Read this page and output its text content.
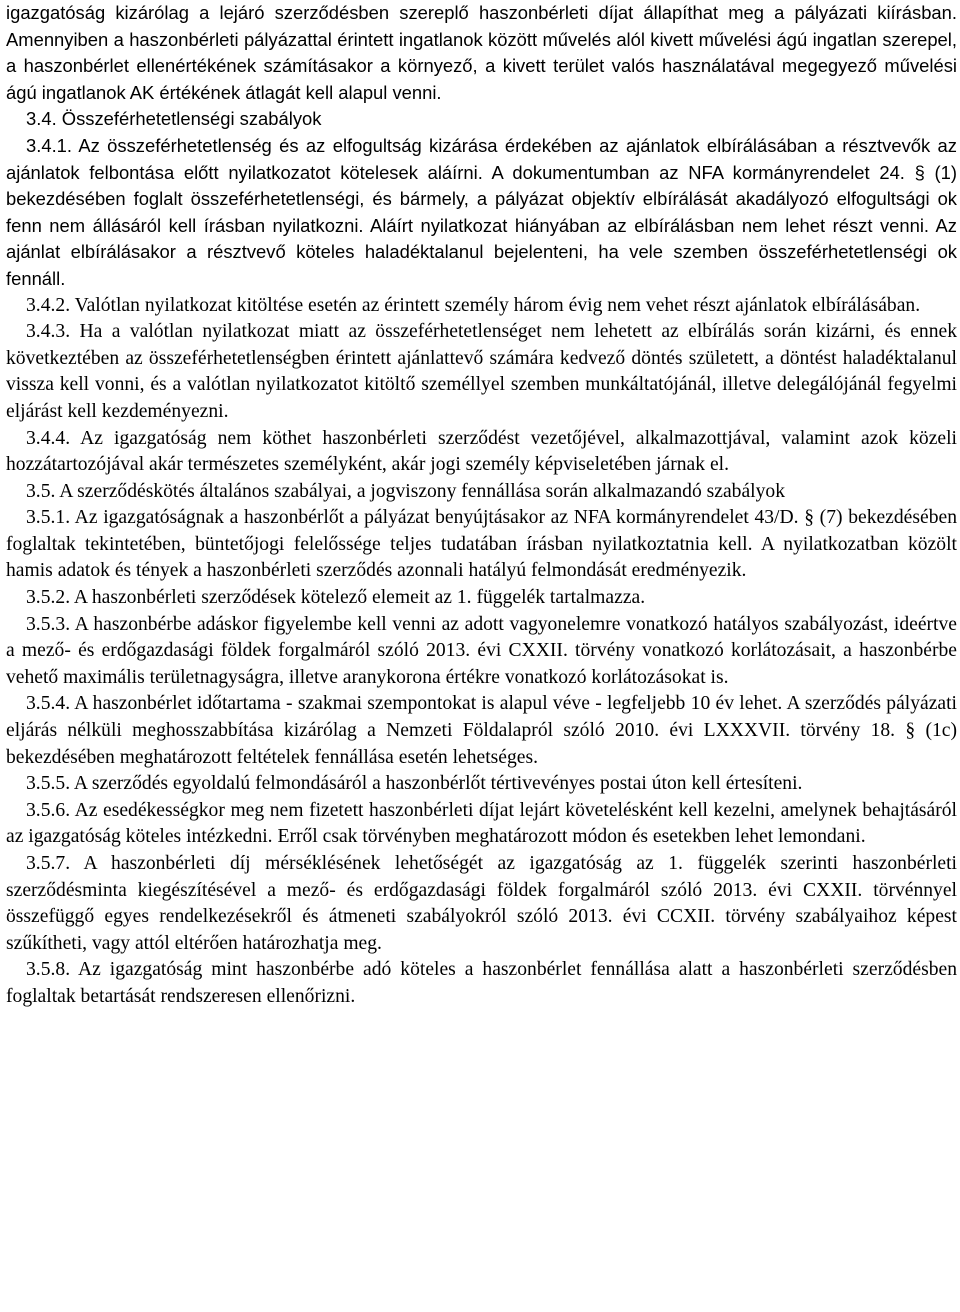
igazgatóság kizárólag a lejáró szerződésben szereplő haszonbérleti díjat állapíthat meg a pályázati kiírásban. Amennyiben a haszonbérleti pályázattal érintett ingatlanok között művelés alól kivett művelési ágú ingatlan szerepel, a haszonbérlet ellenértékének számításakor a környező, a kivett terület valós használatával megegyező művelési ágú ingatlanok AK értékének átlagát kell alapul venni.

3.4. Összeférhetetlenségi szabályok

3.4.1. Az összeférhetetlenség és az elfogultság kizárása érdekében az ajánlatok elbírálásában a résztvevők az ajánlatok felbontása előtt nyilatkozatot kötelesek aláírni. A dokumentumban az NFA kormányrendelet 24. § (1) bekezdésében foglalt összeférhetetlenségi, és bármely, a pályázat objektív elbírálását akadályozó elfogultsági ok fenn nem állásáról kell írásban nyilatkozni. Aláírt nyilatkozat hiányában az elbírálásban nem lehet részt venni. Az ajánlat elbírálásakor a résztvevő köteles haladéktalanul bejelenteni, ha vele szemben összeférhetetlenségi ok fennáll.

3.4.2. Valótlan nyilatkozat kitöltése esetén az érintett személy három évig nem vehet részt ajánlatok elbírálásában.

3.4.3. Ha a valótlan nyilatkozat miatt az összeférhetetlenséget nem lehetett az elbírálás során kizárni, és ennek következtében az összeférhetetlenségben érintett ajánlattevő számára kedvező döntés született, a döntést haladéktalanul vissza kell vonni, és a valótlan nyilatkozatot kitöltő személlyel szemben munkáltatójánál, illetve delegálójánál fegyelmi eljárást kell kezdeményezni.

3.4.4. Az igazgatóság nem köthet haszonbérleti szerződést vezetőjével, alkalmazottjával, valamint azok közeli hozzátartozójával akár természetes személyként, akár jogi személy képviseletében járnak el.

3.5. A szerződéskötés általános szabályai, a jogviszony fennállása során alkalmazandó szabályok

3.5.1. Az igazgatóságnak a haszonbérlőt a pályázat benyújtásakor az NFA kormányrendelet 43/D. § (7) bekezdésében foglaltak tekintetében, büntetőjogi felelőssége teljes tudatában írásban nyilatkoztatnia kell. A nyilatkozatban közölt hamis adatok és tények a haszonbérleti szerződés azonnali hatályú felmondását eredményezik.

3.5.2. A haszonbérleti szerződések kötelező elemeit az 1. függelék tartalmazza.

3.5.3. A haszonbérbe adáskor figyelembe kell venni az adott vagyonelemre vonatkozó hatályos szabályozást, ideértve a mező- és erdőgazdasági földek forgalmáról szóló 2013. évi CXXII. törvény vonatkozó korlátozásait, a haszonbérbe vehető maximális területnagyságra, illetve aranykorona értékre vonatkozó korlátozásokat is.

3.5.4. A haszonbérlet időtartama - szakmai szempontokat is alapul véve - legfeljebb 10 év lehet. A szerződés pályázati eljárás nélküli meghosszabbítása kizárólag a Nemzeti Földalapról szóló 2010. évi LXXXVII. törvény 18. § (1c) bekezdésében meghatározott feltételek fennállása esetén lehetséges.

3.5.5. A szerződés egyoldalú felmondásáról a haszonbérlőt tértivevényes postai úton kell értesíteni.

3.5.6. Az esedékességkor meg nem fizetett haszonbérleti díjat lejárt követelésként kell kezelni, amelynek behajtásáról az igazgatóság köteles intézkedni. Erről csak törvényben meghatározott módon és esetekben lehet lemondani.

3.5.7. A haszonbérleti díj mérséklésének lehetőségét az igazgatóság az 1. függelék szerinti haszonbérleti szerződésminta kiegészítésével a mező- és erdőgazdasági földek forgalmáról szóló 2013. évi CXXII. törvénnyel összefüggő egyes rendelkezésekről és átmeneti szabályokról szóló 2013. évi CCXII. törvény szabályaihoz képest szűkítheti, vagy attól eltérően határozhatja meg.

3.5.8. Az igazgatóság mint haszonbérbe adó köteles a haszonbérlet fennállása alatt a haszonbérleti szerződésben foglaltak betartását rendszeresen ellenőrizni.
